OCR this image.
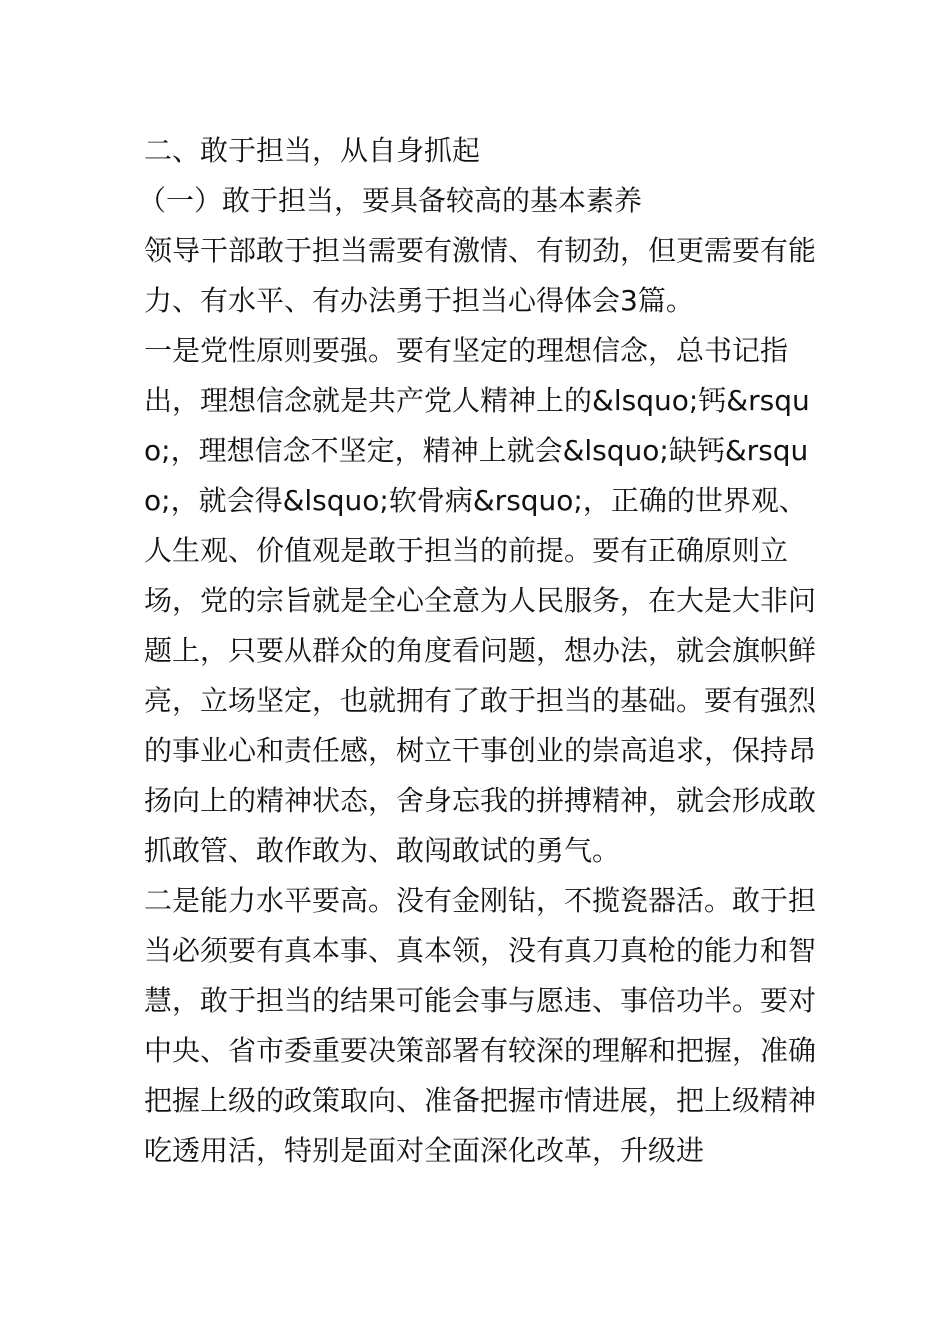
二、敢于担当，从自身抓起

（一）敢于担当，要具备较高的基本素养

领导干部敢于担当需要有激情、有韧劲，但更需要有能力、有水平、有办法勇于担当心得体会3篇。

一是党性原则要强。要有坚定的理想信念，总书记指出，理想信念就是共产党人精神上的&lsquo;钙&rsquo;，理想信念不坚定，精神上就会&lsquo;缺钙&rsquo;，就会得&lsquo;软骨病&rsquo;，正确的世界观、人生观、价值观是敢于担当的前提。要有正确原则立场，党的宗旨就是全心全意为人民服务，在大是大非问题上，只要从群众的角度看问题，想办法，就会旗帜鲜亮，立场坚定，也就拥有了敢于担当的基础。要有强烈的事业心和责任感，树立干事创业的崇高追求，保持昂扬向上的精神状态，舍身忘我的拼搏精神，就会形成敢抓敢管、敢作敢为、敢闯敢试的勇气。

二是能力水平要高。没有金刚钻，不揽瓷器活。敢于担当必须要有真本事、真本领，没有真刀真枪的能力和智慧，敢于担当的结果可能会事与愿违、事倍功半。要对中央、省市委重要决策部署有较深的理解和把握，准确把握上级的政策取向、准备把握市情进展，把上级精神吃透用活，特别是面对全面深化改革，升级进
